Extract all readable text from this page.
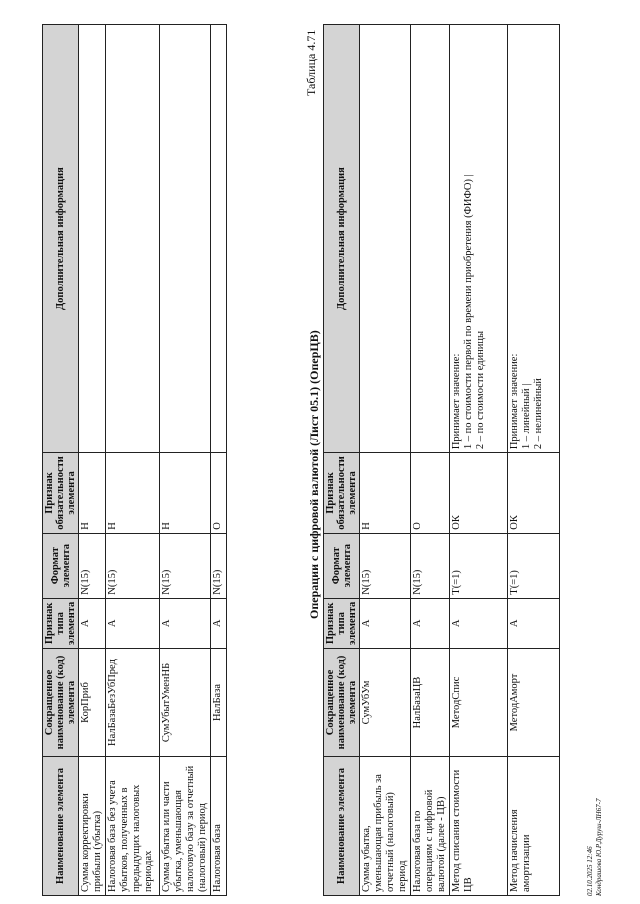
Наименование элемента	Сокращенное наименование (код) элемента	Признак типа элемента	Формат элемента	Признак обязательности элемента	Дополнительная информация
Сумма корректировки прибыли (убытка)	КорПриб	А	N(15)	Н	
Налоговая база без учета убытков, полученных в предыдущих налоговых периодах	НалБазаБезУбПред	А	N(15)	Н	
Сумма убытка или части убытка, уменьшающая налоговую базу за отчетный (налоговый) период	СумУбытУменНБ	А	N(15)	Н	
Налоговая база	НалБаза	А	N(15)	О	
Таблица 4.71
Операции с цифровой валютой (Лист 05.1) (ОперЦВ)
Наименование элемента	Сокращенное наименование (код) элемента	Признак типа элемента	Формат элемента	Признак обязательности элемента	Дополнительная информация
Сумма убытка, уменьшающая прибыль за отчетный (налоговый) период	СумУбУм	А	N(15)	Н	
Налоговая база по операциям с цифровой валютой (далее - ЦВ)	НалБазаЦВ	А	N(15)	О	
Метод списания стоимости ЦВ	МетодСпис	А	T(=1)	ОК	Принимает значение:
1 – по стоимости первой по времени приобретения (ФИФО) |
2 – по стоимости единицы
Метод начисления амортизации	МетодАморт	А	T(=1)	ОК	Принимает значение:
1 – линейный |
2 – нелинейный
02.10.2025 12:46 Кондрашова Ю.Р.Дуруш-ЛН67-7
